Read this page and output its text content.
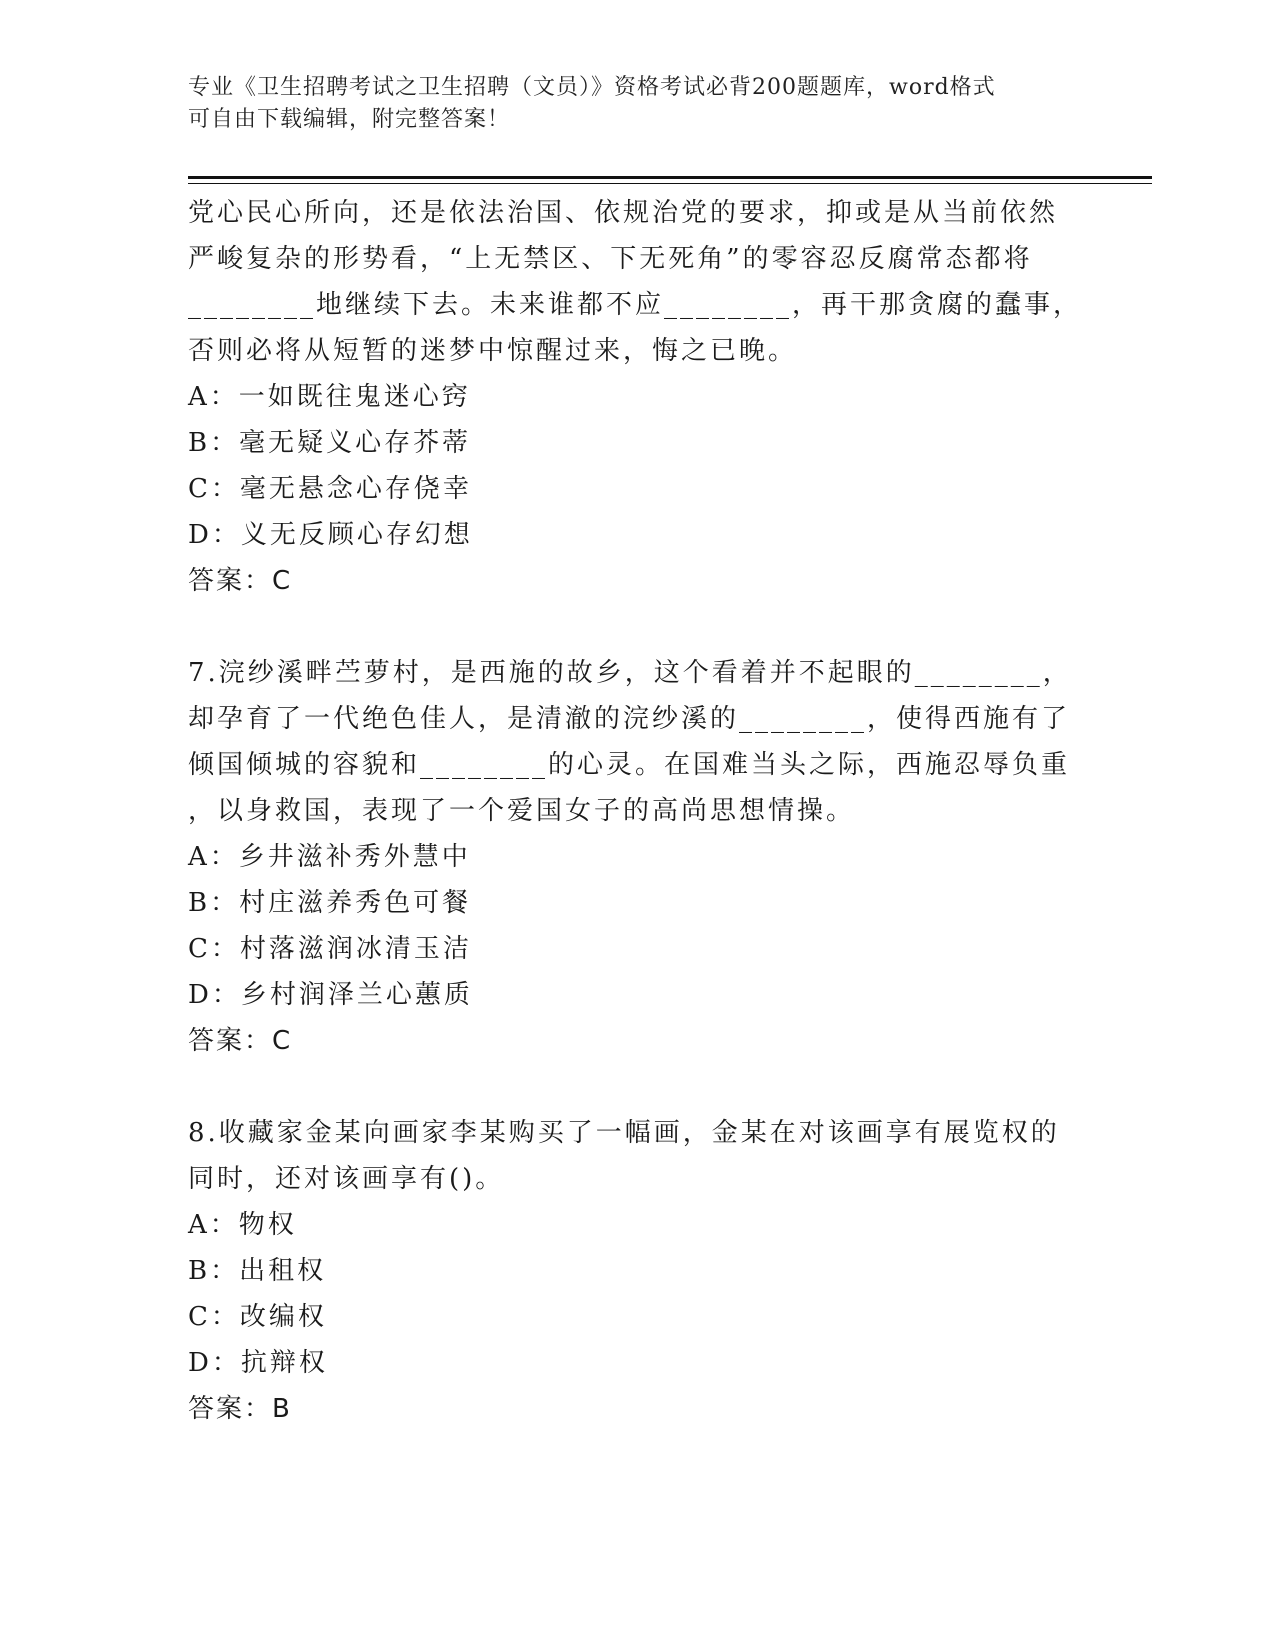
专业《卫生招聘考试之卫生招聘（文员）》资格考试必背200题题库，word格式
可自由下载编辑，附完整答案！

党心民心所向，还是依法治国、依规治党的要求，抑或是从当前依然

严峻复杂的形势看，“上无禁区、下无死角”的零容忍反腐常态都将

________地继续下去。未来谁都不应________，再干那贪腐的蠢事，

否则必将从短暂的迷梦中惊醒过来，悔之已晚。

A：一如既往鬼迷心窍

B：毫无疑义心存芥蒂

C：毫无悬念心存侥幸

D：义无反顾心存幻想

答案：C

7.浣纱溪畔苎萝村，是西施的故乡，这个看着并不起眼的________，

却孕育了一代绝色佳人，是清澈的浣纱溪的________，使得西施有了

倾国倾城的容貌和________的心灵。在国难当头之际，西施忍辱负重

，以身救国，表现了一个爱国女子的高尚思想情操。

A：乡井滋补秀外慧中

B：村庄滋养秀色可餐

C：村落滋润冰清玉洁

D：乡村润泽兰心蕙质

答案：C

8.收藏家金某向画家李某购买了一幅画，金某在对该画享有展览权的

同时，还对该画享有()。

A：物权

B：出租权

C：改编权

D：抗辩权

答案：B
